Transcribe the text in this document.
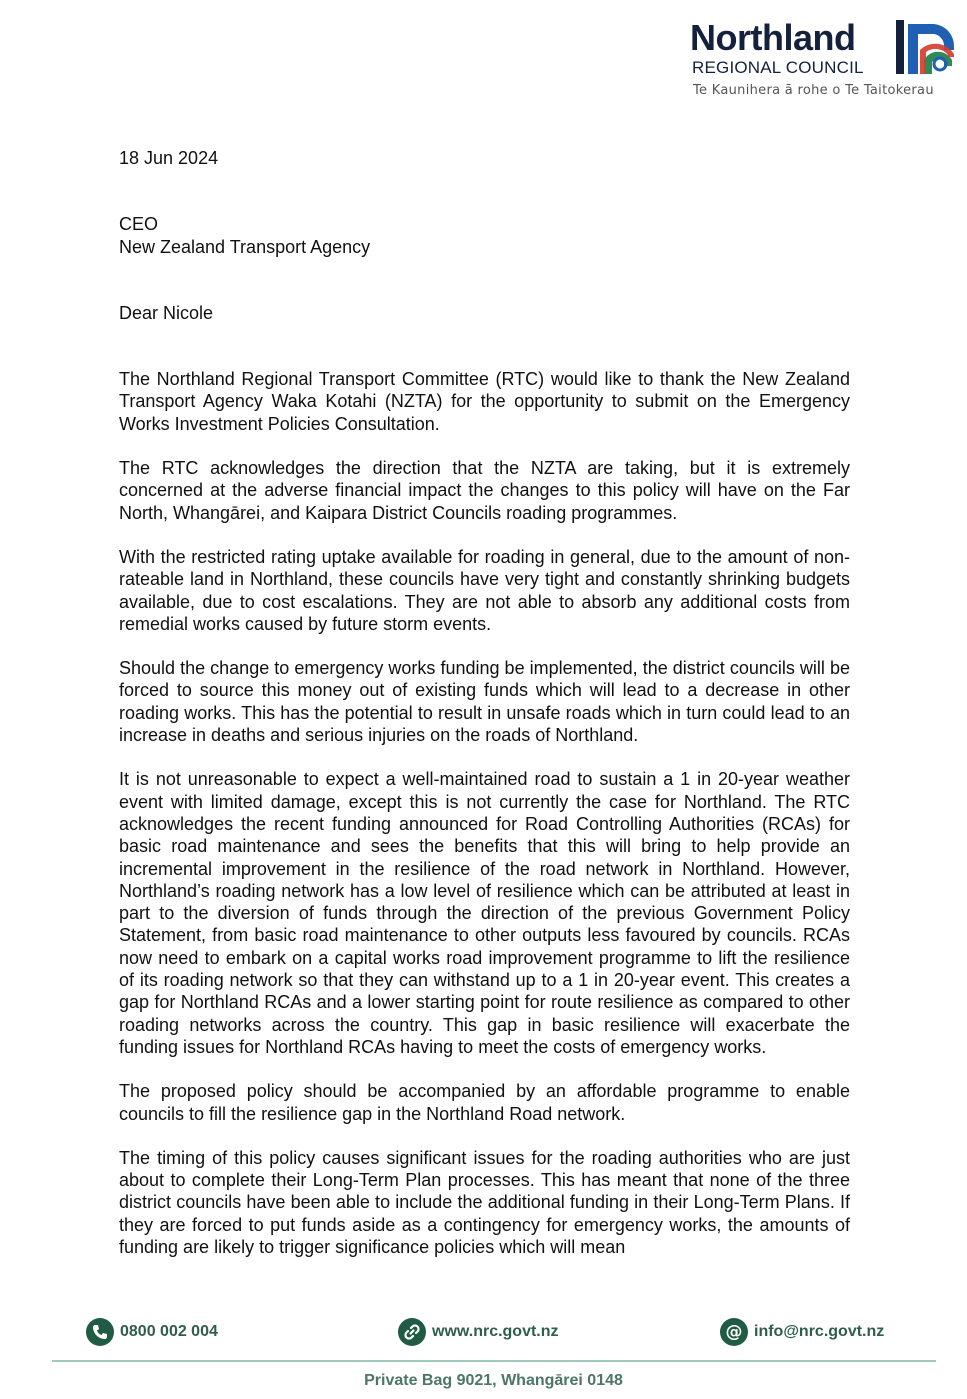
Northland
REGIONAL COUNCIL
Te Kaunihera ā rohe o Te Taitokerau
18 Jun 2024
CEO
New Zealand Transport Agency
Dear Nicole

The Northland Regional Transport Committee (RTC) would like to thank the New Zealand Transport Agency Waka Kotahi (NZTA) for the opportunity to submit on the Emergency Works Investment Policies Consultation.

The RTC acknowledges the direction that the NZTA are taking, but it is extremely concerned at the adverse financial impact the changes to this policy will have on the Far North, Whangārei, and Kaipara District Councils roading programmes.

With the restricted rating uptake available for roading in general, due to the amount of non-rateable land in Northland, these councils have very tight and constantly shrinking budgets available, due to cost escalations. They are not able to absorb any additional costs from remedial works caused by future storm events.

Should the change to emergency works funding be implemented, the district councils will be forced to source this money out of existing funds which will lead to a decrease in other roading works. This has the potential to result in unsafe roads which in turn could lead to an increase in deaths and serious injuries on the roads of Northland.

It is not unreasonable to expect a well-maintained road to sustain a 1 in 20-year weather event with limited damage, except this is not currently the case for Northland. The RTC acknowledges the recent funding announced for Road Controlling Authorities (RCAs) for basic road maintenance and sees the benefits that this will bring to help provide an incremental improvement in the resilience of the road network in Northland. However, Northland’s roading network has a low level of resilience which can be attributed at least in part to the diversion of funds through the direction of the previous Government Policy Statement, from basic road maintenance to other outputs less favoured by councils. RCAs now need to embark on a capital works road improvement programme to lift the resilience of its roading network so that they can withstand up to a 1 in 20-year event. This creates a gap for Northland RCAs and a lower starting point for route resilience as compared to other roading networks across the country. This gap in basic resilience will exacerbate the funding issues for Northland RCAs having to meet the costs of emergency works.

The proposed policy should be accompanied by an affordable programme to enable councils to fill the resilience gap in the Northland Road network.

The timing of this policy causes significant issues for the roading authorities who are just about to complete their Long-Term Plan processes. This has meant that none of the three district councils have been able to include the additional funding in their Long-Term Plans. If they are forced to put funds aside as a contingency for emergency works, the amounts of funding are likely to trigger significance policies which will mean

0800 002 004	www.nrc.govt.nz	@ info@nrc.govt.nz
Private Bag 9021, Whangārei 0148
